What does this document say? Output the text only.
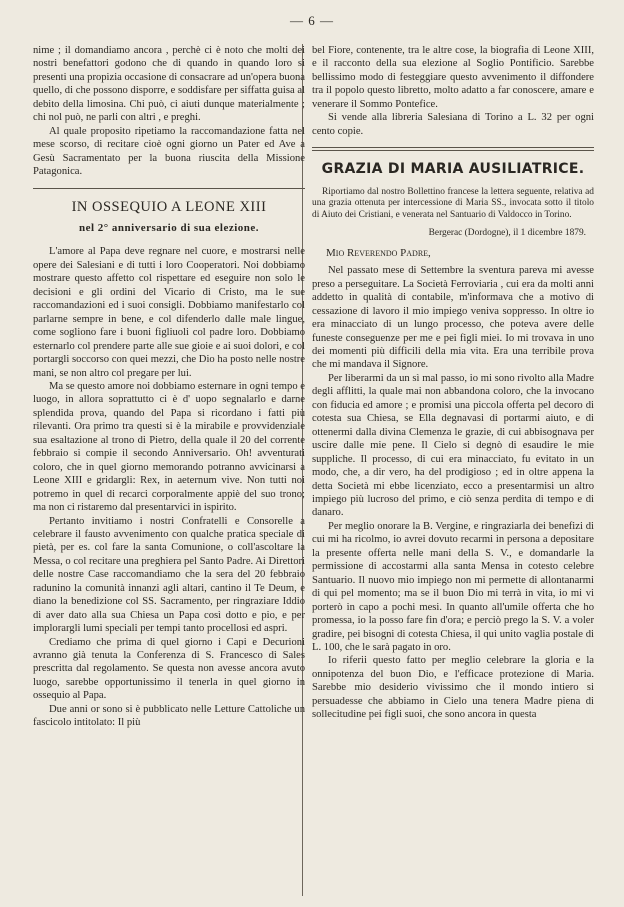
— 6 —

nime ; il domandiamo ancora , perchè ci è noto che molti dei nostri benefattori godono che di quando in quando loro si presenti una propizia occasione di consacrare ad un'opera buona quello, di che possono disporre, e soddisfare per siffatta guisa al debito della limosina. Chi può, ci aiuti dunque materialmente ; chi nol può, ne parli con altri , e preghi.

Al quale proposito ripetiamo la raccomandazione fatta nel mese scorso, di recitare cioè ogni giorno un Pater ed Ave a Gesù Sacramentato per la buona riuscita della Missione Patagonica.

IN OSSEQUIO A LEONE XIII
nel 2° anniversario di sua elezione.

L'amore al Papa deve regnare nel cuore, e mostrarsi nelle opere dei Salesiani e di tutti i loro Cooperatori. Noi dobbiamo mostrare questo affetto col rispettare ed eseguire non solo le decisioni e gli ordini del Vicario di Cristo, ma le sue raccomandazioni ed i suoi consigli. Dobbiamo manifestarlo col parlarne sempre in bene, e col difenderlo dalle male lingue, come sogliono fare i buoni figliuoli col padre loro. Dobbiamo esternarlo col prendere parte alle sue gioie e ai suoi dolori, e col portargli soccorso con quei mezzi, che Dio ha posto nelle nostre mani, se non altro col pregare per lui.

Ma se questo amore noi dobbiamo esternare in ogni tempo e luogo, in allora soprattutto ci è d' uopo segnalarlo e darne splendida prova, quando del Papa si ricordano i fatti più rilevanti. Ora primo tra questi si è la mirabile e provvidenziale sua esaltazione al trono di Pietro, della quale il 20 del corrente febbraio si compie il secondo Anniversario. Oh! avventurati coloro, che in quel giorno memorando potranno avvicinarsi a Leone XIII e gridargli: Rex, in aeternum vive. Non tutti noi potremo in quel di recarci corporalmente appiè del suo trono; ma non ci ristaremo dal presentarvici in ispirito.

Pertanto invitiamo i nostri Confratelli e Consorelle a celebrare il fausto avvenimento con qualche pratica speciale di pietà, per es. col fare la santa Comunione, o coll'ascoltare la Messa, o col recitare una preghiera pel Santo Padre. Ai Direttori delle nostre Case raccomandiamo che la sera del 20 febbraio radunino la comunità innanzi agli altari, cantino il Te Deum, e diano la benedizione col SS. Sacramento, per ringraziare Iddio di aver dato alla sua Chiesa un Papa così dotto e pio, e per implorargli lumi speciali per tempi tanto procellosi ed aspri.

Crediamo che prima di quel giorno i Capi e Decurioni avranno già tenuta la Conferenza di S. Francesco di Sales prescritta dal regolamento. Se questa non avesse ancora avuto luogo, sarebbe opportunissimo il tenerla in quel giorno in ossequio al Papa.

Due anni or sono si è pubblicato nelle Letture Cattoliche un fascicolo intitolato: Il più

bel Fiore, contenente, tra le altre cose, la biografia di Leone XIII, e il racconto della sua elezione al Soglio Pontificio. Sarebbe bellissimo modo di festeggiare questo avvenimento il diffondere tra il popolo questo libretto, molto adatto a far conoscere, amare e venerare il Sommo Pontefice.

Si vende alla libreria Salesiana di Torino a L. 32 per ogni cento copie.

GRAZIA DI MARIA AUSILIATRICE.

Riportiamo dal nostro Bollettino francese la lettera seguente, relativa ad una grazia ottenuta per intercessione di Maria SS., invocata sotto il titolo di Aiuto dei Cristiani, e venerata nel Santuario di Valdocco in Torino.

Bergerac (Dordogne), il 1 dicembre 1879.
Mio Reverendo Padre,

Nel passato mese di Settembre la sventura pareva mi avesse preso a perseguitare. La Società Ferroviaria , cui era da molti anni addetto in qualità di contabile, m'informava che a motivo di cessazione di lavoro il mio impiego veniva soppresso. In oltre io era minacciato di un lungo processo, che poteva avere delle funeste conseguenze per me e pei figli miei. Io mi trovava in uno dei momenti più difficili della mia vita. Era una terribile prova che mi mandava il Signore.

Per liberarmi da un sì mal passo, io mi sono rivolto alla Madre degli afflitti, la quale mai non abbandona coloro, che la invocano con fiducia ed amore ; e promisi una piccola offerta pel decoro di cotesta sua Chiesa, se Ella degnavasi di portarmi aiuto, e di ottenermi dalla divina Clemenza le grazie, di cui abbisognava per uscire dalle mie pene. Il Cielo si degnò di esaudire le mie suppliche. Il processo, di cui era minacciato, fu evitato in un modo, che, a dir vero, ha del prodigioso ; ed in oltre appena la detta Società mi ebbe licenziato, ecco a presentarmisi un altro impiego più lucroso del primo, e ciò senza perdita di tempo e di danaro.

Per meglio onorare la B. Vergine, e ringraziarla dei benefizi di cui mi ha ricolmo, io avrei dovuto recarmi in persona a depositare la presente offerta nelle mani della S. V., e domandarle la permissione di accostarmi alla santa Mensa in cotesto celebre Santuario. Il nuovo mio impiego non mi permette di allontanarmi di qui pel momento; ma se il buon Dio mi terrà in vita, io mi vi porterò in capo a pochi mesi. In quanto all'umile offerta che ho promessa, io la posso fare fin d'ora; e perciò prego la S. V. a voler gradire, pei bisogni di cotesta Chiesa, il qui unito vaglia postale di L. 100, che le sarà pagato in oro.

Io riferii questo fatto per meglio celebrare la gloria e la onnipotenza del buon Dio, e l'efficace protezione di Maria. Sarebbe mio desiderio vivissimo che il mondo intiero si persuadesse che abbiamo in Cielo una tenera Madre piena di sollecitudine pei figli suoi, che sono ancora in questa
